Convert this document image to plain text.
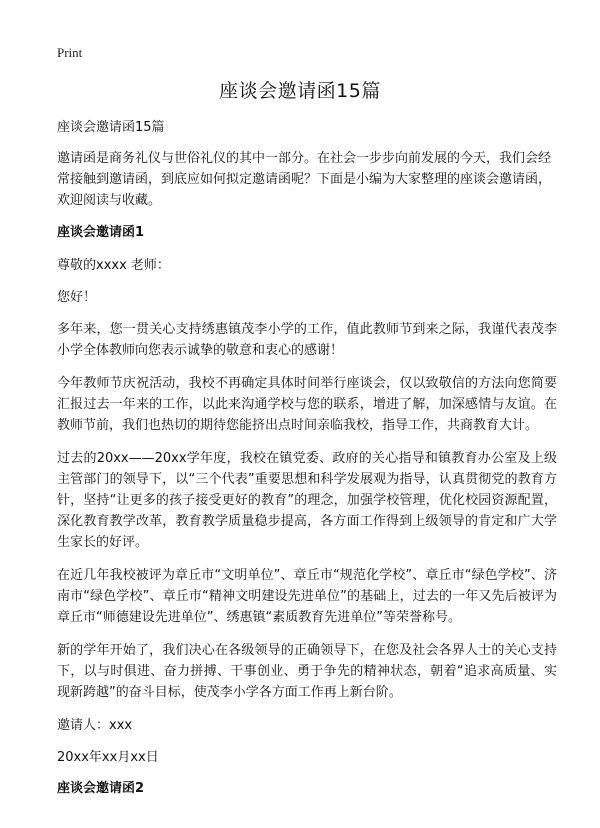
Print
座谈会邀请函15篇

座谈会邀请函15篇

邀请函是商务礼仪与世俗礼仪的其中一部分。在社会一步步向前发展的今天，我们会经常接触到邀请函，到底应如何拟定邀请函呢？下面是小编为大家整理的座谈会邀请函，欢迎阅读与收藏。

座谈会邀请函1

尊敬的xxxx 老师：

您好！

多年来，您一贯关心支持绣惠镇茂李小学的工作，值此教师节到来之际，我谨代表茂李小学全体教师向您表示诚挚的敬意和衷心的感谢！

今年教师节庆祝活动，我校不再确定具体时间举行座谈会，仅以致敬信的方法向您简要汇报过去一年来的工作，以此来沟通学校与您的联系，增进了解，加深感情与友谊。在教师节前，我们也热切的期待您能挤出点时间亲临我校，指导工作，共商教育大计。

过去的20xx——20xx学年度，我校在镇党委、政府的关心指导和镇教育办公室及上级主管部门的领导下，以“三个代表”重要思想和科学发展观为指导，认真贯彻党的教育方针，坚持“让更多的孩子接受更好的教育”的理念，加强学校管理，优化校园资源配置，深化教育教学改革，教育教学质量稳步提高，各方面工作得到上级领导的肯定和广大学生家长的好评。

在近几年我校被评为章丘市“文明单位”、章丘市“规范化学校”、章丘市“绿色学校”、济南市“绿色学校”、章丘市“精神文明建设先进单位”的基础上，过去的一年又先后被评为章丘市“师德建设先进单位”、绣惠镇“素质教育先进单位”等荣誉称号。

新的学年开始了，我们决心在各级领导的正确领导下，在您及社会各界人士的关心支持下，以与时俱进、奋力拼搏、干事创业、勇于争先的精神状态，朝着“追求高质量、实现新跨越”的奋斗目标，使茂李小学各方面工作再上新台阶。

邀请人：xxx

20xx年xx月xx日

座谈会邀请函2
